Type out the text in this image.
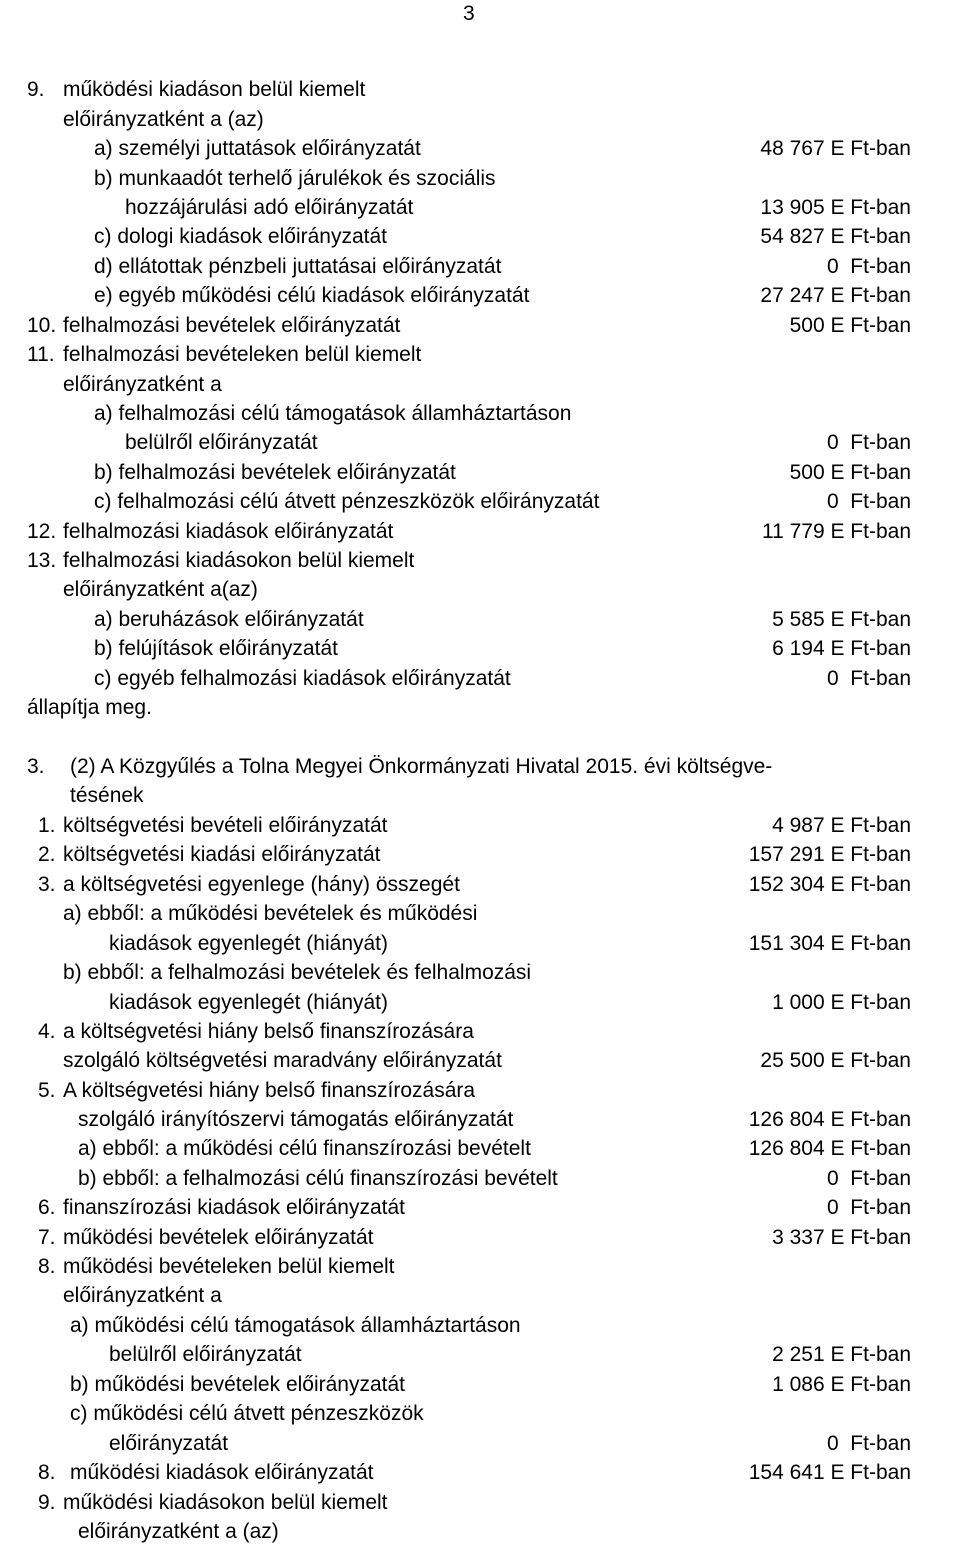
3
9. működési kiadáson belül kiemelt
előirányzatként a (az)
a) személyi juttatások előirányzatát	48 767 E Ft-ban
b) munkaadót terhelő járulékok és szociális
hozzájárulási adó előirányzatát	13 905 E Ft-ban
c) dologi kiadások előirányzatát	54 827 E Ft-ban
d) ellátottak pénzbeli juttatásai előirányzatát	0  Ft-ban
e) egyéb működési célú kiadások előirányzatát	27 247 E Ft-ban
10. felhalmozási bevételek előirányzatát	500 E Ft-ban
11. felhalmozási bevételeken belül kiemelt
előirányzatként a
a) felhalmozási célú támogatások államháztartáson
belülről előirányzatát	0  Ft-ban
b) felhalmozási bevételek előirányzatát	500 E Ft-ban
c) felhalmozási célú átvett pénzeszközök előirányzatát	0  Ft-ban
12. felhalmozási kiadások előirányzatát	11 779 E Ft-ban
13. felhalmozási kiadásokon belül kiemelt
előirányzatként a(az)
a) beruházások előirányzatát	5 585 E Ft-ban
b) felújítások előirányzatát	6 194 E Ft-ban
c) egyéb felhalmozási kiadások előirányzatát	0  Ft-ban
állapítja meg.
3. (2) A Közgyűlés a Tolna Megyei Önkormányzati Hivatal 2015. évi költségve-
tésének
1. költségvetési bevételi előirányzatát	4 987 E Ft-ban
2. költségvetési kiadási előirányzatát	157 291 E Ft-ban
3. a költségvetési egyenlege (hány) összegét	152 304 E Ft-ban
a) ebből: a működési bevételek és működési
kiadások egyenlegét (hiányát)	151 304 E Ft-ban
b) ebből: a felhalmozási bevételek és felhalmozási
kiadások egyenlegét (hiányát)	1 000 E Ft-ban
4. a költségvetési hiány belső finanszírozására
szolgáló költségvetési maradvány előirányzatát	25 500 E Ft-ban
5. A költségvetési hiány belső finanszírozására
szolgáló irányítószervi támogatás előirányzatát	126 804 E Ft-ban
a) ebből: a működési célú finanszírozási bevételt	126 804 E Ft-ban
b) ebből: a felhalmozási célú finanszírozási bevételt	0  Ft-ban
6. finanszírozási kiadások előirányzatát	0  Ft-ban
7. működési bevételek előirányzatát	3 337 E Ft-ban
8. működési bevételeken belül kiemelt
előirányzatként a
a) működési célú támogatások államháztartáson
belülről előirányzatát	2 251 E Ft-ban
b) működési bevételek előirányzatát	1 086 E Ft-ban
c) működési célú átvett pénzeszközök
előirányzatát	0  Ft-ban
8. működési kiadások előirányzatát	154 641 E Ft-ban
9. működési kiadásokon belül kiemelt
előirányzatként a (az)
